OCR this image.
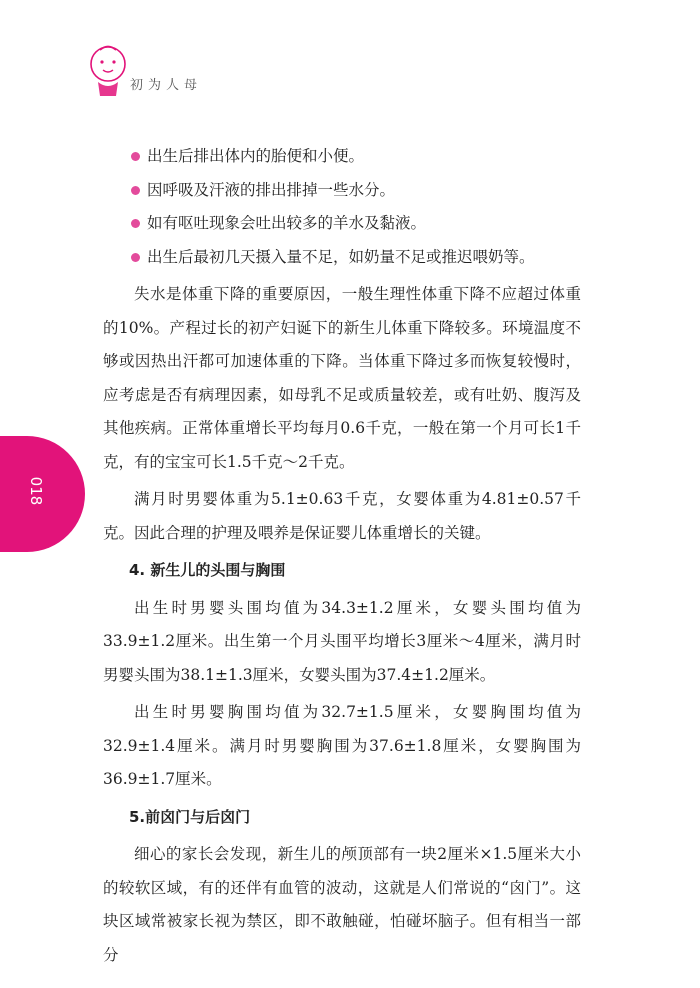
初为人母
018
出生后排出体内的胎便和小便。
因呼吸及汗液的排出排掉一些水分。
如有呕吐现象会吐出较多的羊水及黏液。
出生后最初几天摄入量不足，如奶量不足或推迟喂奶等。

失水是体重下降的重要原因，一般生理性体重下降不应超过体重的10%。产程过长的初产妇诞下的新生儿体重下降较多。环境温度不够或因热出汗都可加速体重的下降。当体重下降过多而恢复较慢时，应考虑是否有病理因素，如母乳不足或质量较差，或有吐奶、腹泻及其他疾病。正常体重增长平均每月0.6千克，一般在第一个月可长1千克，有的宝宝可长1.5千克～2千克。

满月时男婴体重为5.1±0.63千克，女婴体重为4.81±0.57千克。因此合理的护理及喂养是保证婴儿体重增长的关键。

4. 新生儿的头围与胸围

出生时男婴头围均值为34.3±1.2厘米，女婴头围均值为33.9±1.2厘米。出生第一个月头围平均增长3厘米～4厘米，满月时男婴头围为38.1±1.3厘米，女婴头围为37.4±1.2厘米。

出生时男婴胸围均值为32.7±1.5厘米，女婴胸围均值为32.9±1.4厘米。满月时男婴胸围为37.6±1.8厘米，女婴胸围为36.9±1.7厘米。

5.前囟门与后囟门

细心的家长会发现，新生儿的颅顶部有一块2厘米×1.5厘米大小的较软区域，有的还伴有血管的波动，这就是人们常说的“囟门”。这块区域常被家长视为禁区，即不敢触碰，怕碰坏脑子。但有相当一部分
